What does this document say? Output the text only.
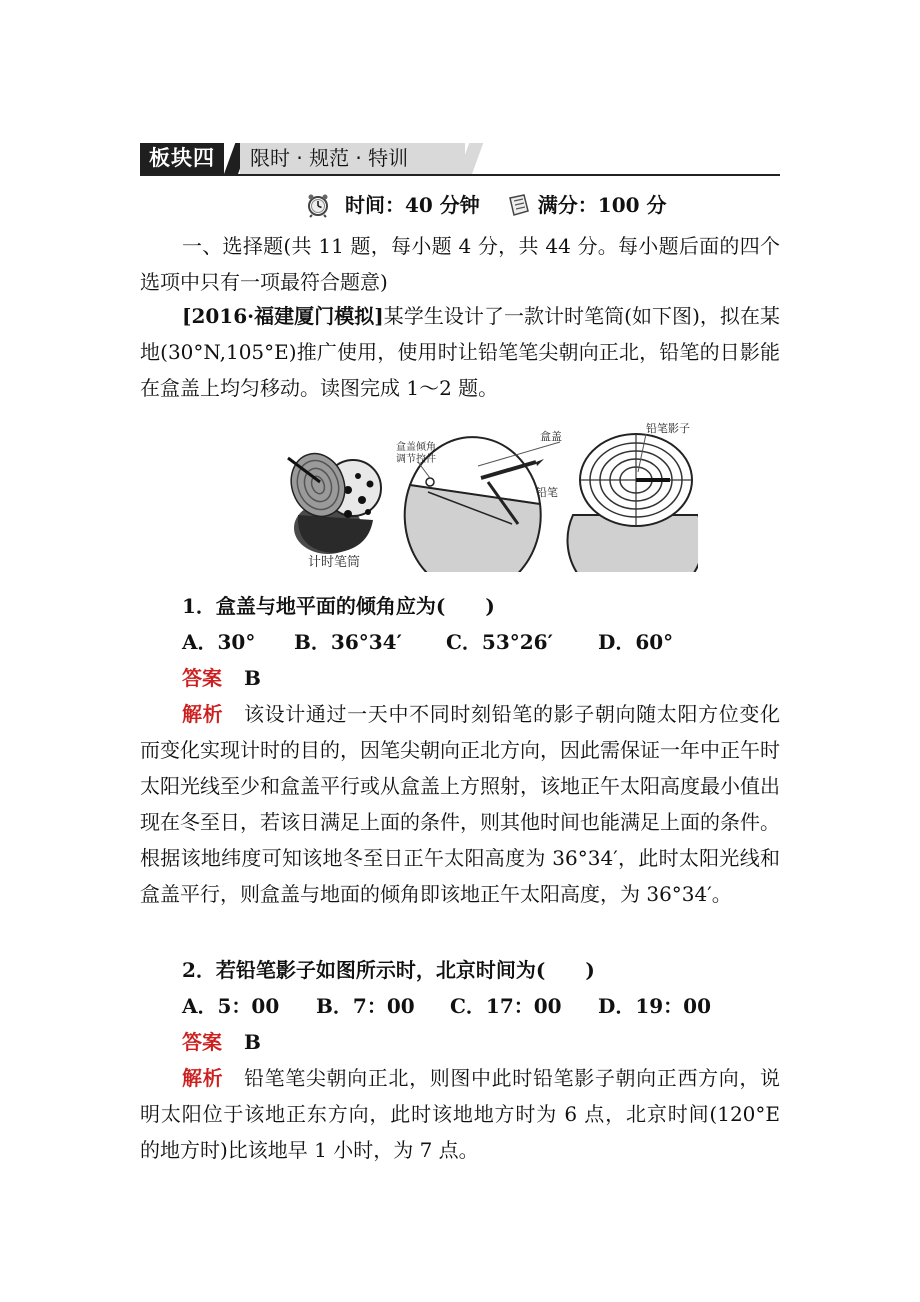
板块四	限时 · 规范 · 特训
时间：40 分钟	满分：100 分
一、选择题(共 11 题，每小题 4 分，共 44 分。每小题后面的四个选项中只有一项最符合题意)
[2016·福建厦门模拟]某学生设计了一款计时笔筒(如下图)，拟在某地(30°N,105°E)推广使用，使用时让铅笔笔尖朝向正北，铅笔的日影能在盒盖上均匀移动。读图完成 1～2 题。
计时笔筒
盒盖倾角 调节控件
盒盖
铅笔
铅笔影子
1．盒盖与地平面的倾角应为(　　)
A．30° B．36°34′ C．53°26′ D．60°
答案 B
解析 该设计通过一天中不同时刻铅笔的影子朝向随太阳方位变化而变化实现计时的目的，因笔尖朝向正北方向，因此需保证一年中正午时太阳光线至少和盒盖平行或从盒盖上方照射，该地正午太阳高度最小值出现在冬至日，若该日满足上面的条件，则其他时间也能满足上面的条件。根据该地纬度可知该地冬至日正午太阳高度为 36°34′，此时太阳光线和盒盖平行，则盒盖与地面的倾角即该地正午太阳高度，为 36°34′。
2．若铅笔影子如图所示时，北京时间为(　　)
A．5：00 B．7：00 C．17：00 D．19：00
答案 B
解析 铅笔笔尖朝向正北，则图中此时铅笔影子朝向正西方向，说明太阳位于该地正东方向，此时该地地方时为 6 点，北京时间(120°E 的地方时)比该地早 1 小时，为 7 点。
